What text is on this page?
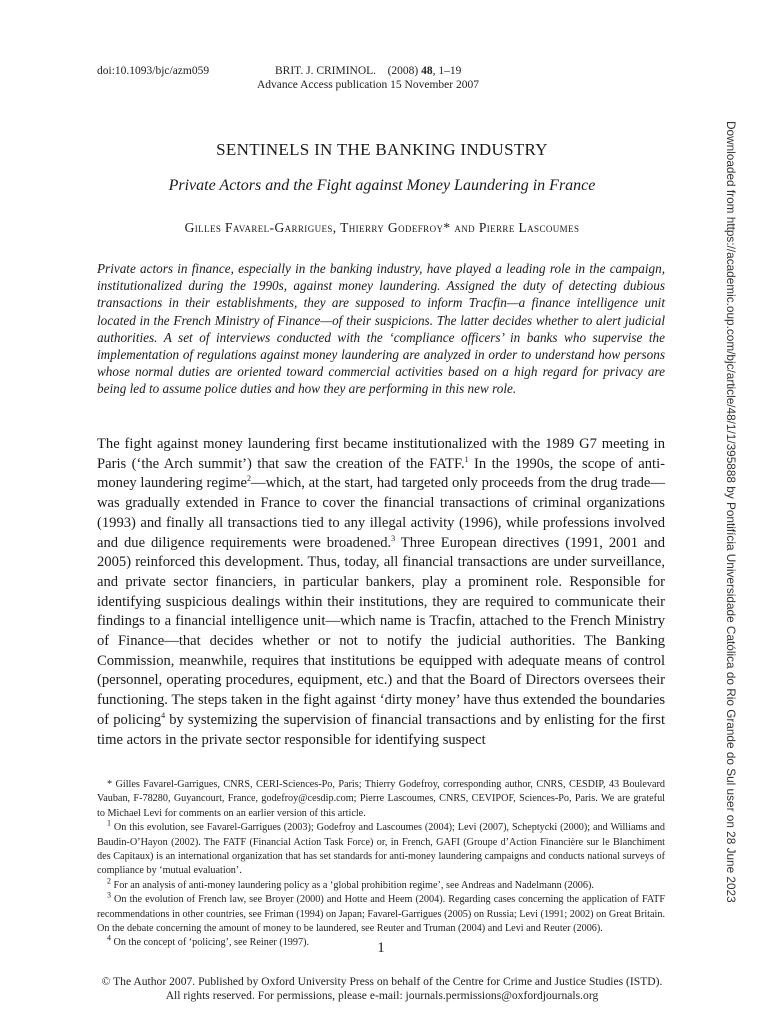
doi:10.1093/bjc/azm059	BRIT. J. CRIMINOL. (2008) 48, 1–19
Advance Access publication 15 November 2007
SENTINELS IN THE BANKING INDUSTRY
Private Actors and the Fight against Money Laundering in France
Gilles Favarel-Garrigues, Thierry Godefroy* and Pierre Lascoumes
Private actors in finance, especially in the banking industry, have played a leading role in the campaign, institutionalized during the 1990s, against money laundering. Assigned the duty of detecting dubious transactions in their establishments, they are supposed to inform Tracfin—a finance intelligence unit located in the French Ministry of Finance—of their suspicions. The latter decides whether to alert judicial authorities. A set of interviews conducted with the ‘compliance officers’ in banks who supervise the implementation of regulations against money laundering are analyzed in order to understand how persons whose normal duties are oriented toward commercial activities based on a high regard for privacy are being led to assume police duties and how they are performing in this new role.
The fight against money laundering first became institutionalized with the 1989 G7 meeting in Paris (‘the Arch summit’) that saw the creation of the FATF.$^1$ In the 1990s, the scope of anti-money laundering regime$^2$—which, at the start, had targeted only proceeds from the drug trade—was gradually extended in France to cover the financial transactions of criminal organizations (1993) and finally all transactions tied to any illegal activity (1996), while professions involved and due diligence requirements were broadened.$^3$ Three European directives (1991, 2001 and 2005) reinforced this development. Thus, today, all financial transactions are under surveillance, and private sector financiers, in particular bankers, play a prominent role. Responsible for identifying suspicious dealings within their institutions, they are required to communicate their findings to a financial intelligence unit—which name is Tracfin, attached to the French Ministry of Finance—that decides whether or not to notify the judicial authorities. The Banking Commission, meanwhile, requires that institutions be equipped with adequate means of control (personnel, operating procedures, equipment, etc.) and that the Board of Directors oversees their functioning. The steps taken in the fight against ‘dirty money’ have thus extended the boundaries of policing$^4$ by systemizing the supervision of financial transactions and by enlisting for the first time actors in the private sector responsible for identifying suspect

* Gilles Favarel-Garrigues, CNRS, CERI-Sciences-Po, Paris; Thierry Godefroy, corresponding author, CNRS, CESDIP, 43 Boulevard Vauban, F-78280, Guyancourt, France, godefroy@cesdip.com; Pierre Lascoumes, CNRS, CEVIPOF, Sciences-Po, Paris. We are grateful to Michael Levi for comments on an earlier version of this article.

$^1$ On this evolution, see Favarel-Garrigues (2003); Godefroy and Lascoumes (2004); Levi (2007), Scheptycki (2000); and Williams and Baudin-O’Hayon (2002). The FATF (Financial Action Task Force) or, in French, GAFI (Groupe d’Action Financière sur le Blanchiment des Capitaux) is an international organization that has set standards for anti-money laundering campaigns and conducts national surveys of compliance by ‘mutual evaluation’.

$^2$ For an analysis of anti-money laundering policy as a ‘global prohibition regime’, see Andreas and Nadelmann (2006).

$^3$ On the evolution of French law, see Broyer (2000) and Hotte and Heem (2004). Regarding cases concerning the application of FATF recommendations in other countries, see Friman (1994) on Japan; Favarel-Garrigues (2005) on Russia; Levi (1991; 2002) on Great Britain. On the debate concerning the amount of money to be laundered, see Reuter and Truman (2004) and Levi and Reuter (2006).

$^4$ On the concept of ‘policing’, see Reiner (1997).	1
© The Author 2007. Published by Oxford University Press on behalf of the Centre for Crime and Justice Studies (ISTD).
All rights reserved. For permissions, please e-mail: journals.permissions@oxfordjournals.org
Downloaded from https://academic.oup.com/bjc/article/48/1/1/395888 by Pontifícia Universidade Católica do Rio Grande do Sul user on 28 June 2023
